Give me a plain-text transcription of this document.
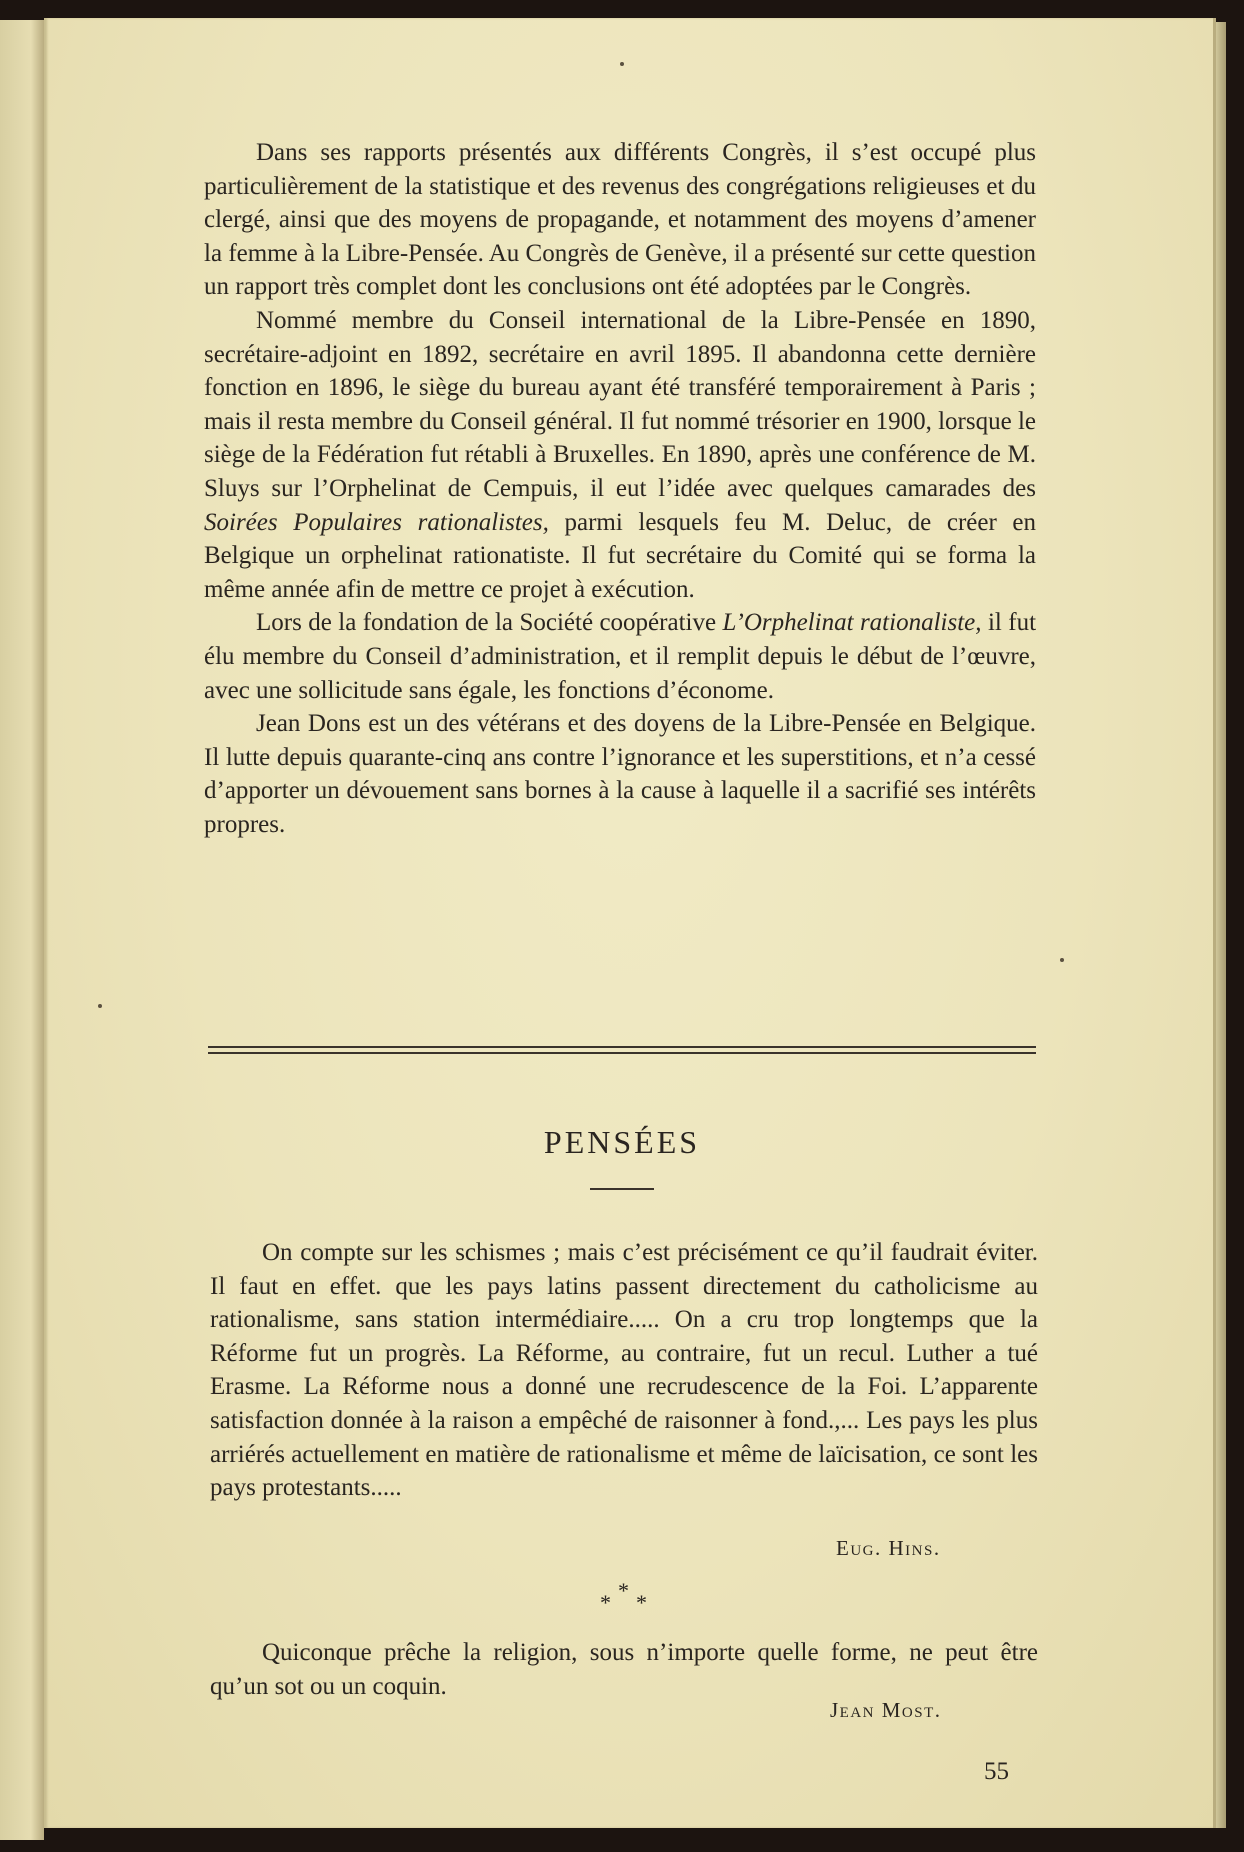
Dans ses rapports présentés aux différents Congrès, il s’est occupé plus particulièrement de la statistique et des revenus des congrégations religieuses et du clergé, ainsi que des moyens de propagande, et notamment des moyens d’amener la femme à la Libre-Pensée. Au Congrès de Genève, il a présenté sur cette question un rapport très complet dont les conclusions ont été adoptées par le Congrès.

Nommé membre du Conseil international de la Libre-Pensée en 1890, secrétaire-adjoint en 1892, secrétaire en avril 1895. Il abandonna cette dernière fonction en 1896, le siège du bureau ayant été transféré temporairement à Paris ; mais il resta membre du Conseil général. Il fut nommé trésorier en 1900, lorsque le siège de la Fédération fut rétabli à Bruxelles. En 1890, après une conférence de M. Sluys sur l’Orphelinat de Cempuis, il eut l’idée avec quelques camarades des Soirées Populaires rationalistes, parmi lesquels feu M. Deluc, de créer en Belgique un orphelinat rationatiste. Il fut secrétaire du Comité qui se forma la même année afin de mettre ce projet à exécution.

Lors de la fondation de la Société coopérative L’Orphelinat rationaliste, il fut élu membre du Conseil d’administration, et il remplit depuis le début de l’œuvre, avec une sollicitude sans égale, les fonctions d’économe.

Jean Dons est un des vétérans et des doyens de la Libre-Pensée en Belgique. Il lutte depuis quarante-cinq ans contre l’ignorance et les superstitions, et n’a cessé d’apporter un dévouement sans bornes à la cause à laquelle il a sacrifié ses intérêts propres.

PENSÉES

On compte sur les schismes ; mais c’est précisément ce qu’il faudrait éviter. Il faut en effet. que les pays latins passent directement du catholicisme au rationalisme, sans station intermédiaire..... On a cru trop longtemps que la Réforme fut un progrès. La Réforme, au contraire, fut un recul. Luther a tué Erasme. La Réforme nous a donné une recrudescence de la Foi. L’apparente satisfaction donnée à la raison a empêché de raisonner à fond.,... Les pays les plus arriérés actuellement en matière de rationalisme et même de laïcisation, ce sont les pays protestants.....

Eug. Hins.
*
* *

Quiconque prêche la religion, sous n’importe quelle forme, ne peut être qu’un sot ou un coquin.

Jean Most.
55
